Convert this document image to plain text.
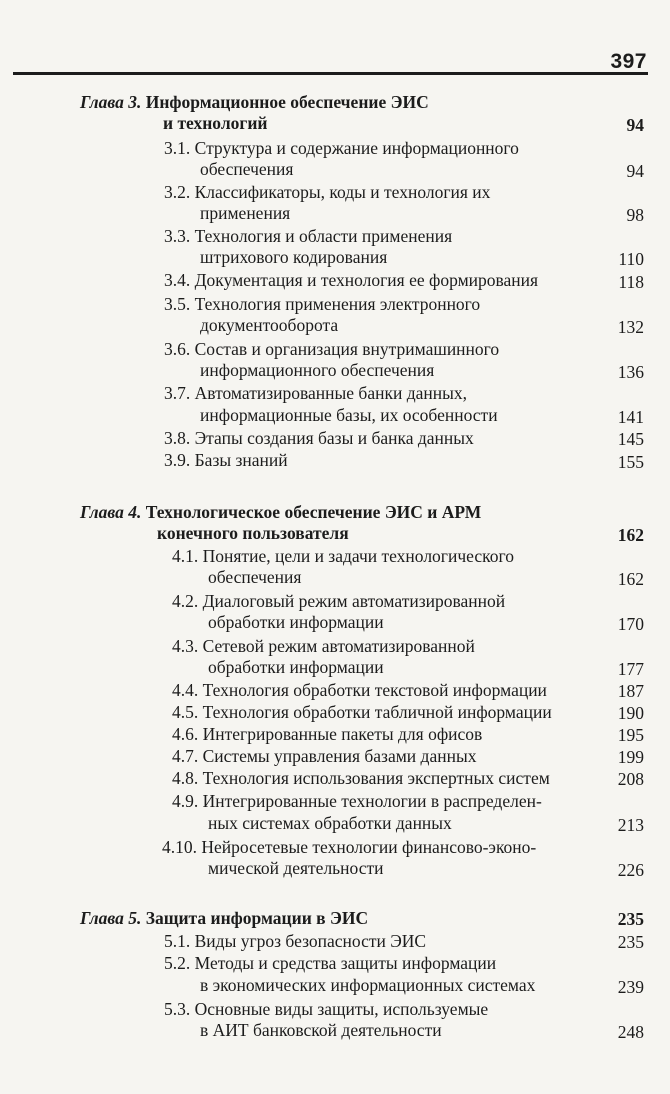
397
Глава 3. Информационное обеспечение ЭИС
и технологий	94
3.1. Структура и содержание информационного
обеспечения	94
3.2. Классификаторы, коды и технология их
применения	98
3.3. Технология и области применения
штрихового кодирования	110
3.4. Документация и технология ее формирования	118
3.5. Технология применения электронного
документооборота	132
3.6. Состав и организация внутримашинного
информационного обеспечения	136
3.7. Автоматизированные банки данных,
информационные базы, их особенности	141
3.8. Этапы создания базы и банка данных	145
3.9. Базы знаний	155
Глава 4. Технологическое обеспечение ЭИС и АРМ
конечного пользователя	162
4.1. Понятие, цели и задачи технологического
обеспечения	162
4.2. Диалоговый режим автоматизированной
обработки информации	170
4.3. Сетевой режим автоматизированной
обработки информации	177
4.4. Технология обработки текстовой информации	187
4.5. Технология обработки табличной информации	190
4.6. Интегрированные пакеты для офисов	195
4.7. Системы управления базами данных	199
4.8. Технология использования экспертных систем	208
4.9. Интегрированные технологии в распределен-
ных системах обработки данных	213
4.10. Нейросетевые технологии финансово-эконо-
мической деятельности	226
Глава 5. Защита информации в ЭИС	235
5.1. Виды угроз безопасности ЭИС	235
5.2. Методы и средства защиты информации
в экономических информационных системах	239
5.3. Основные виды защиты, используемые
в АИТ банковской деятельности	248
